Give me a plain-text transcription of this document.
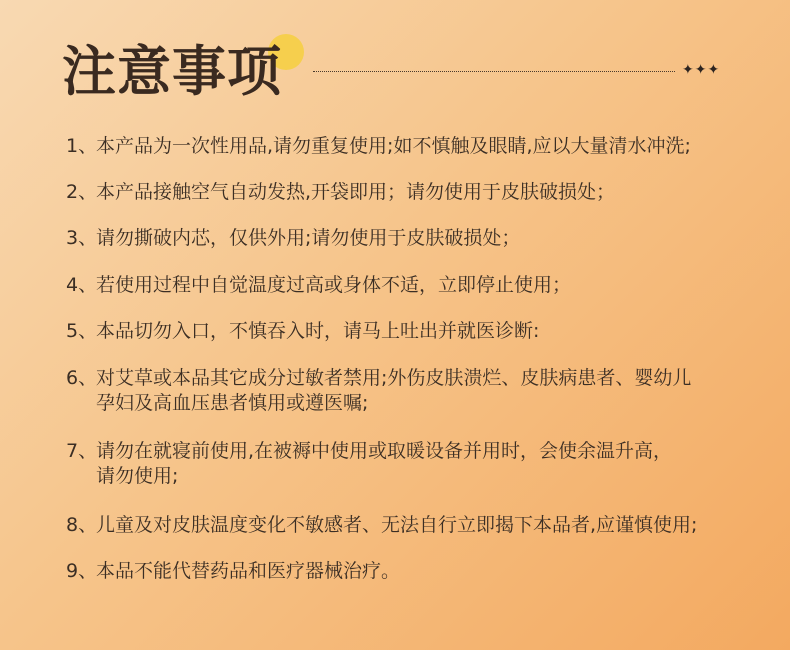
注意事项	✦✦✦
1、
本产品为一次性用品,请勿重复使用;如不慎触及眼睛,应以大量清水冲洗;
2、
本产品接触空气自动发热,开袋即用；请勿使用于皮肤破损处；
3、
请勿撕破内芯，仅供外用;请勿使用于皮肤破损处；
4、
若使用过程中自觉温度过高或身体不适，立即停止使用；
5、
本品切勿入口，不慎吞入时，请马上吐出并就医诊断:
6、
对艾草或本品其它成分过敏者禁用;外伤皮肤溃烂、皮肤病患者、婴幼儿
孕妇及高血压患者慎用或遵医嘱;
7、
请勿在就寝前使用,在被褥中使用或取暖设备并用时，会使余温升高，
请勿使用;
8、
儿童及对皮肤温度变化不敏感者、无法自行立即揭下本品者,应谨慎使用;
9、
本品不能代替药品和医疗器械治疗。
